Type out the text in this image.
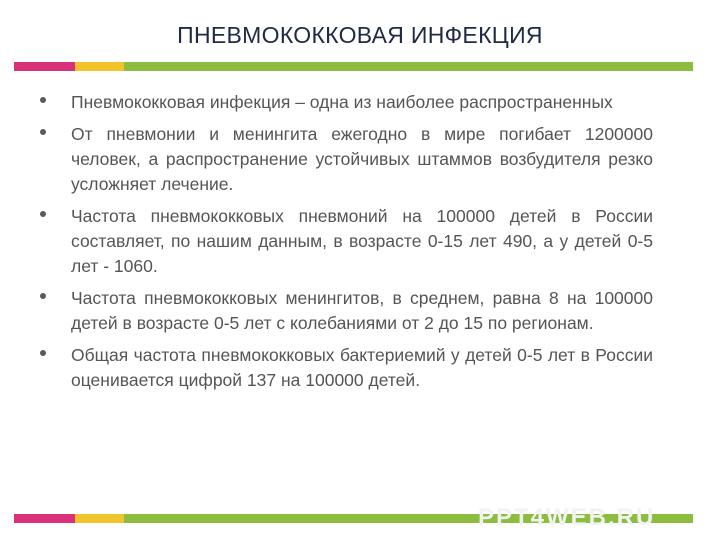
ПНЕВМОКОККОВАЯ ИНФЕКЦИЯ
Пневмококковая инфекция – одна из наиболее распространенных
От пневмонии и менингита ежегодно в мире погибает 1200000 человек, а распространение устойчивых штаммов возбудителя резко усложняет лечение.
Частота пневмококковых пневмоний на 100000 детей в России составляет, по нашим данным, в возрасте 0-15 лет 490, а у детей 0-5 лет - 1060.
Частота пневмококковых менингитов, в среднем, равна 8 на 100000 детей в возрасте 0-5 лет с колебаниями от 2 до 15 по регионам.
Общая частота пневмококковых бактериемий у детей 0-5 лет в России оценивается цифрой 137 на 100000 детей.
PPT4WEB.RU
